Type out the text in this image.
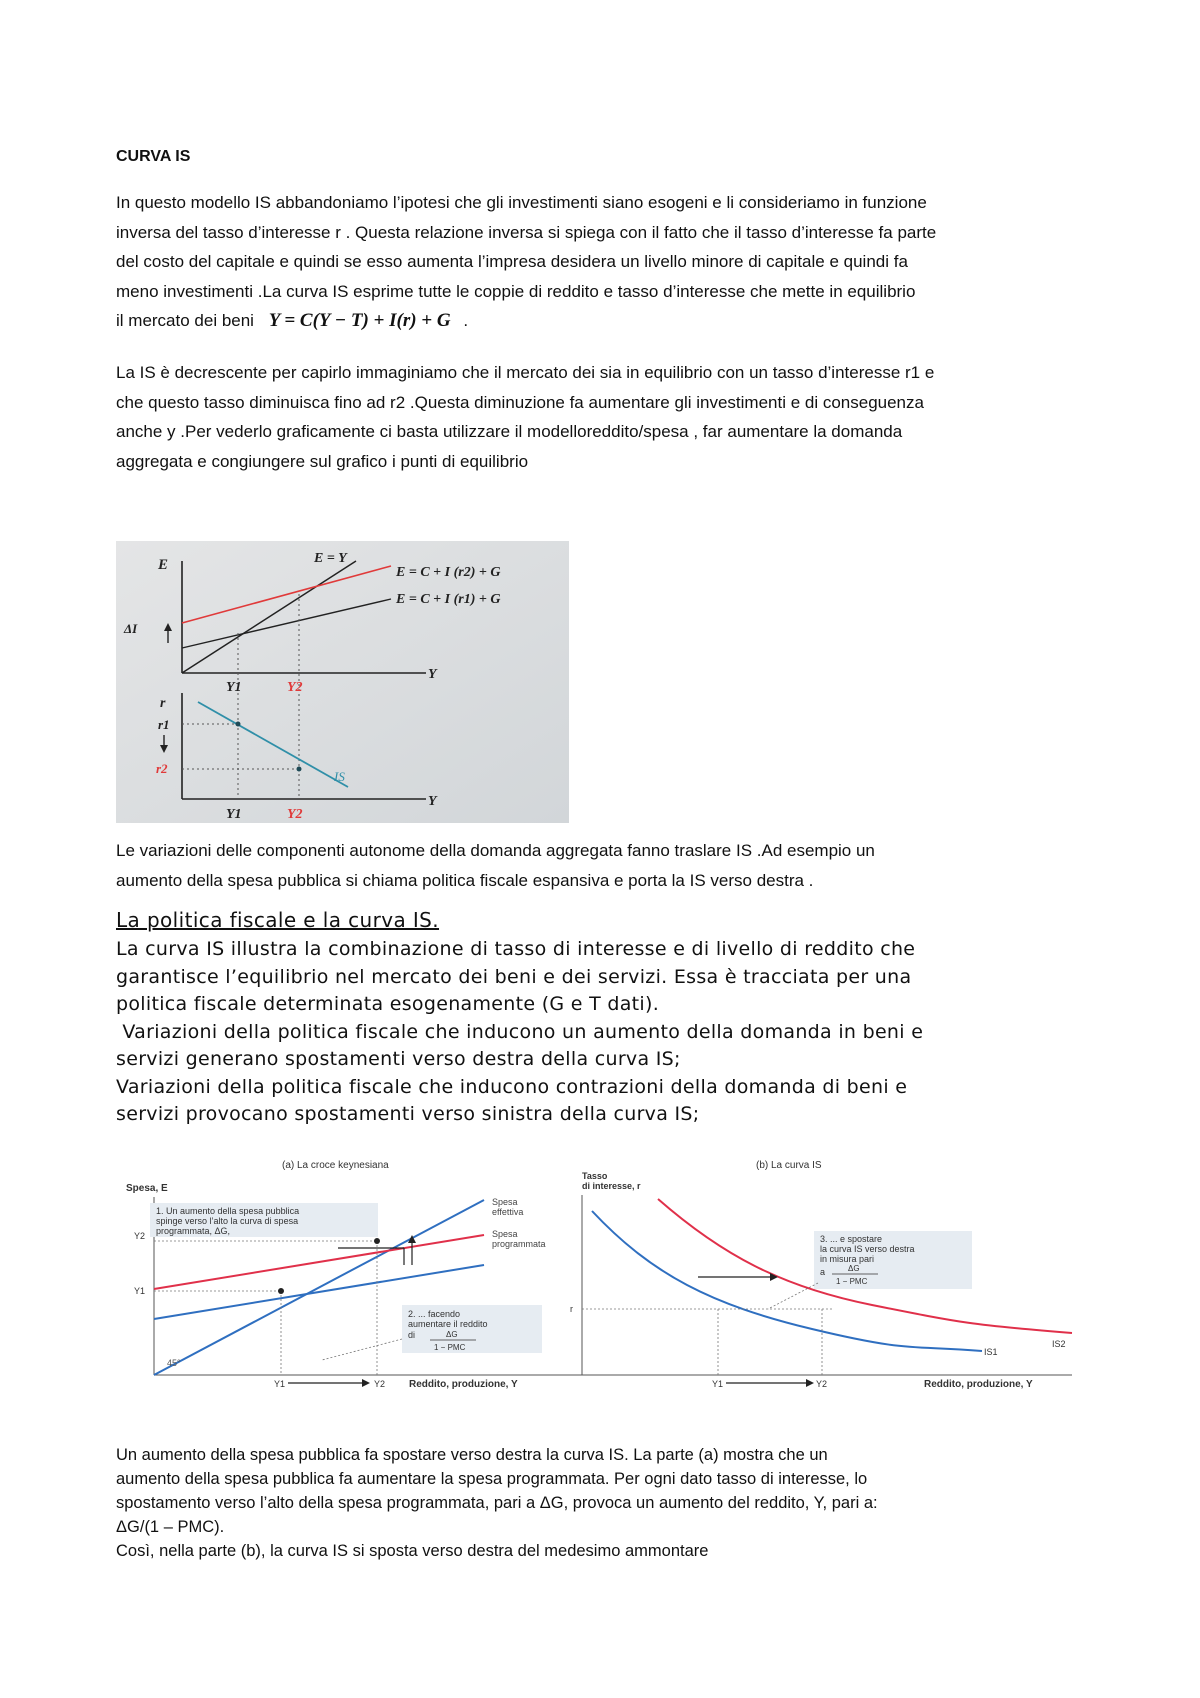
CURVA IS
In questo modello IS abbandoniamo l’ipotesi che gli investimenti siano esogeni e li consideriamo in funzione
inversa del tasso d’interesse r . Questa relazione inversa si spiega con il fatto che il tasso d’interesse fa parte
del costo del capitale e quindi se esso aumenta l’impresa desidera un livello minore di capitale e quindi fa
meno investimenti .La curva IS esprime tutte le coppie di reddito e tasso d’interesse che mette in equilibrio
il mercato dei beni Y = C(Y − T) + I(r) + G .
La IS è decrescente per capirlo immaginiamo che il mercato dei sia in equilibrio con un tasso d’interesse r1 e
che questo tasso diminuisca fino ad r2 .Questa diminuzione fa aumentare gli investimenti e di conseguenza
anche y .Per vederlo graficamente ci basta utilizzare il modelloreddito/spesa , far aumentare la domanda
aggregata e congiungere sul grafico i punti di equilibrio
E
Y
E = Y
E = C + I (r2) + G
E = C + I (r1) + G
ΔI
Y1	Y2
r
Y
r1
r2
IS
Y1	Y2
Le variazioni delle componenti autonome della domanda aggregata fanno traslare IS .Ad esempio un
aumento della spesa pubblica si chiama politica fiscale espansiva e porta la IS verso destra .
La politica fiscale e la curva IS.
La curva IS illustra la combinazione di tasso di interesse e di livello di reddito che
garantisce l’equilibrio nel mercato dei beni e dei servizi. Essa è tracciata per una
politica fiscale determinata esogenamente (G e T dati).
Variazioni della politica fiscale che inducono un aumento della domanda in beni e
servizi generano spostamenti verso destra della curva IS;
Variazioni della politica fiscale che inducono contrazioni della domanda di beni e
servizi provocano spostamenti verso sinistra della curva IS;
(a) La croce keynesiana
Spesa, E
Reddito, produzione, Y
45°
Spesa
effettiva
Spesa
programmata
Y2
Y1
Y1	Y2
1. Un aumento della spesa pubblica
spinge verso l’alto la curva di spesa
programmata, ΔG,
2. ... facendo
aumentare il reddito
di	ΔG
1 − PMC
(b) La curva IS
Tasso
di interesse, r
Reddito, produzione, Y
IS1
IS2
r
Y1	Y2
3. ... e spostare
la curva IS verso destra
in misura pari
a	ΔG
1 − PMC
Un aumento della spesa pubblica fa spostare verso destra la curva IS. La parte (a) mostra che un
aumento della spesa pubblica fa aumentare la spesa programmata. Per ogni dato tasso di interesse, lo
spostamento verso l’alto della spesa programmata, pari a ΔG, provoca un aumento del reddito, Y, pari a:
ΔG/(1 – PMC).
Così, nella parte (b), la curva IS si sposta verso destra del medesimo ammontare
